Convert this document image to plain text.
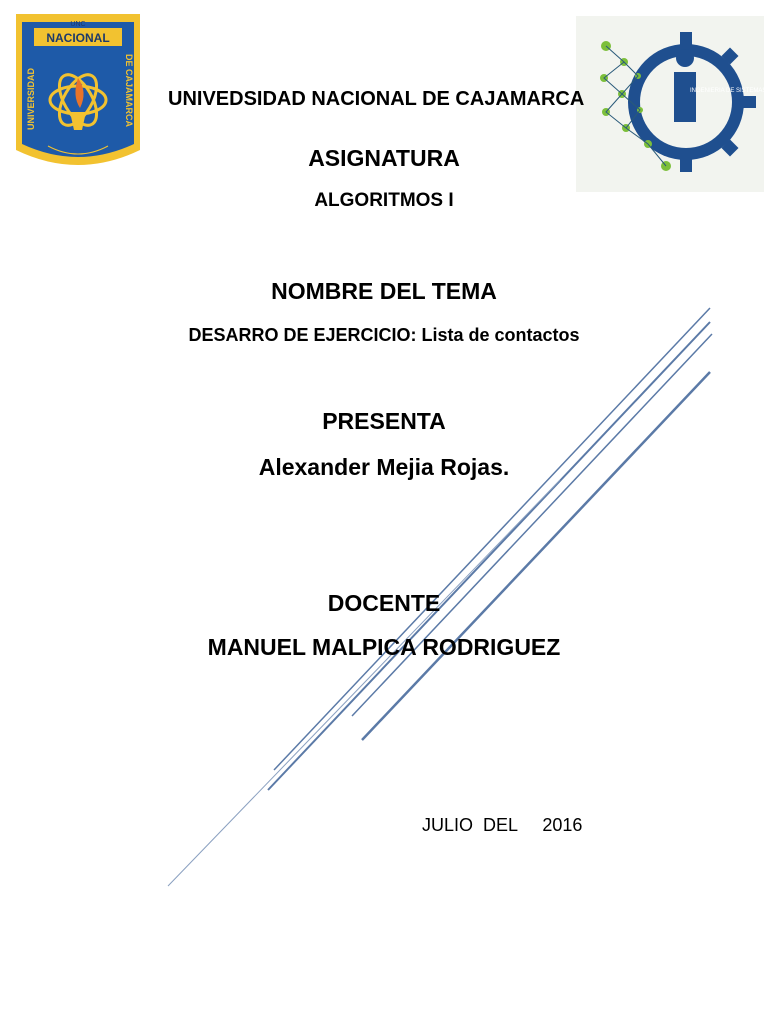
NACIONAL
UNC
UNIVERSIDAD	DE CAJAMARCA	INGENIERIA DE SISTEMAS
UNIVEDSIDAD NACIONAL DE CAJAMARCA
ASIGNATURA
ALGORITMOS I
NOMBRE DEL TEMA
DESARRO DE EJERCICIO: Lista de contactos
PRESENTA
Alexander Mejia Rojas.
DOCENTE
MANUEL MALPICA RODRIGUEZ
JULIO  DEL     2016
